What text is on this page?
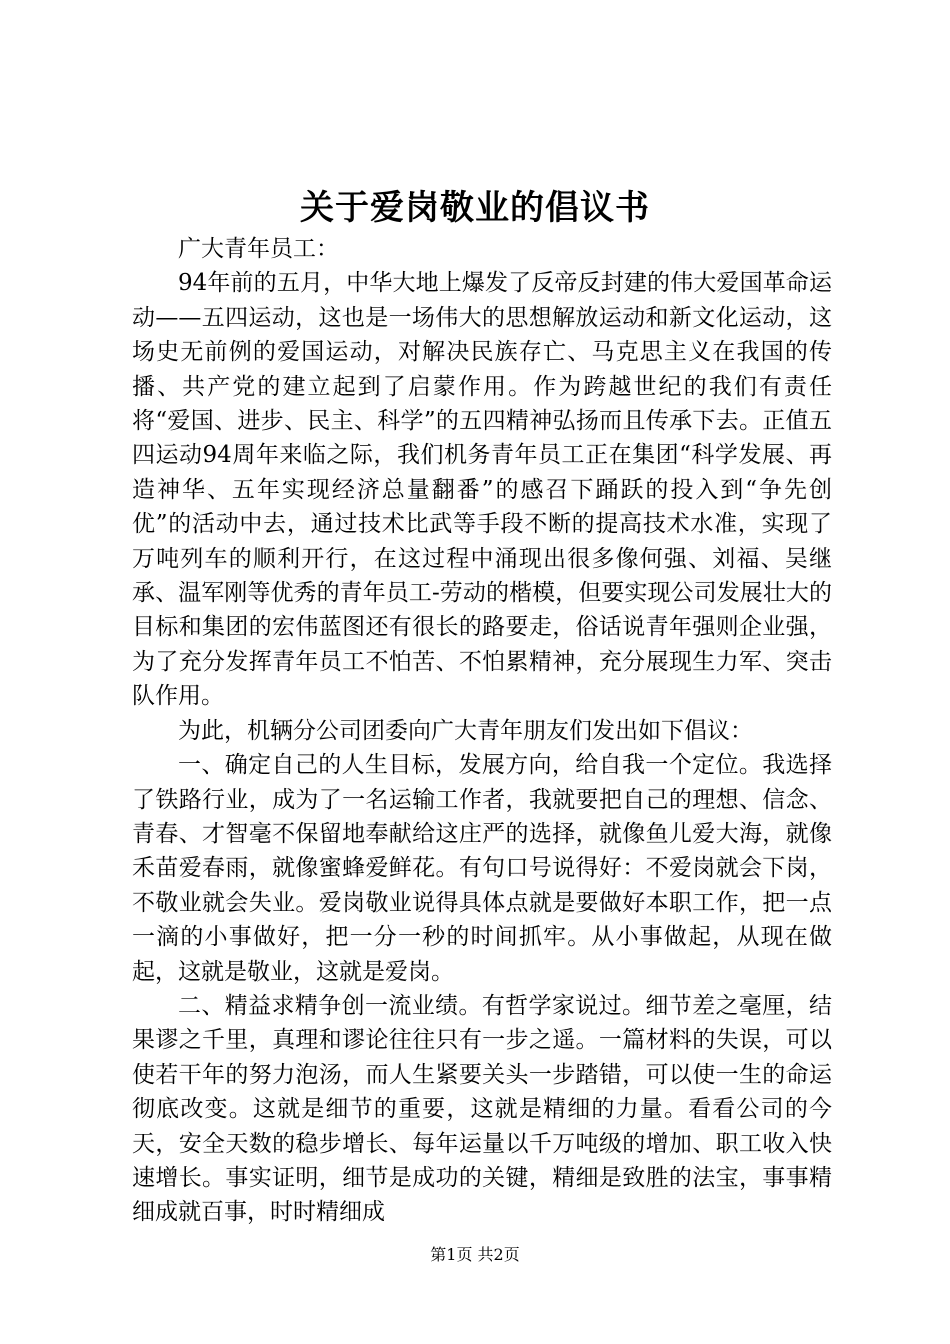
关于爱岗敬业的倡议书

广大青年员工：

94年前的五月，中华大地上爆发了反帝反封建的伟大爱国革命运动——五四运动，这也是一场伟大的思想解放运动和新文化运动，这场史无前例的爱国运动，对解决民族存亡、马克思主义在我国的传播、共产党的建立起到了启蒙作用。作为跨越世纪的我们有责任将“爱国、进步、民主、科学”的五四精神弘扬而且传承下去。正值五四运动94周年来临之际，我们机务青年员工正在集团“科学发展、再造神华、五年实现经济总量翻番”的感召下踊跃的投入到“争先创优”的活动中去，通过技术比武等手段不断的提高技术水准，实现了万吨列车的顺利开行，在这过程中涌现出很多像何强、刘福、吴继承、温军刚等优秀的青年员工-劳动的楷模，但要实现公司发展壮大的目标和集团的宏伟蓝图还有很长的路要走，俗话说青年强则企业强，为了充分发挥青年员工不怕苦、不怕累精神，充分展现生力军、突击队作用。

为此，机辆分公司团委向广大青年朋友们发出如下倡议：

一、确定自己的人生目标，发展方向，给自我一个定位。我选择了铁路行业，成为了一名运输工作者，我就要把自己的理想、信念、青春、才智毫不保留地奉献给这庄严的选择，就像鱼儿爱大海，就像禾苗爱春雨，就像蜜蜂爱鲜花。有句口号说得好：不爱岗就会下岗，不敬业就会失业。爱岗敬业说得具体点就是要做好本职工作，把一点一滴的小事做好，把一分一秒的时间抓牢。从小事做起，从现在做起，这就是敬业，这就是爱岗。

二、精益求精争创一流业绩。有哲学家说过。细节差之毫厘，结果谬之千里，真理和谬论往往只有一步之遥。一篇材料的失误，可以使若干年的努力泡汤，而人生紧要关头一步踏错，可以使一生的命运彻底改变。这就是细节的重要，这就是精细的力量。看看公司的今天，安全天数的稳步增长、每年运量以千万吨级的增加、职工收入快速增长。事实证明，细节是成功的关键，精细是致胜的法宝，事事精细成就百事，时时精细成

第1页 共2页
